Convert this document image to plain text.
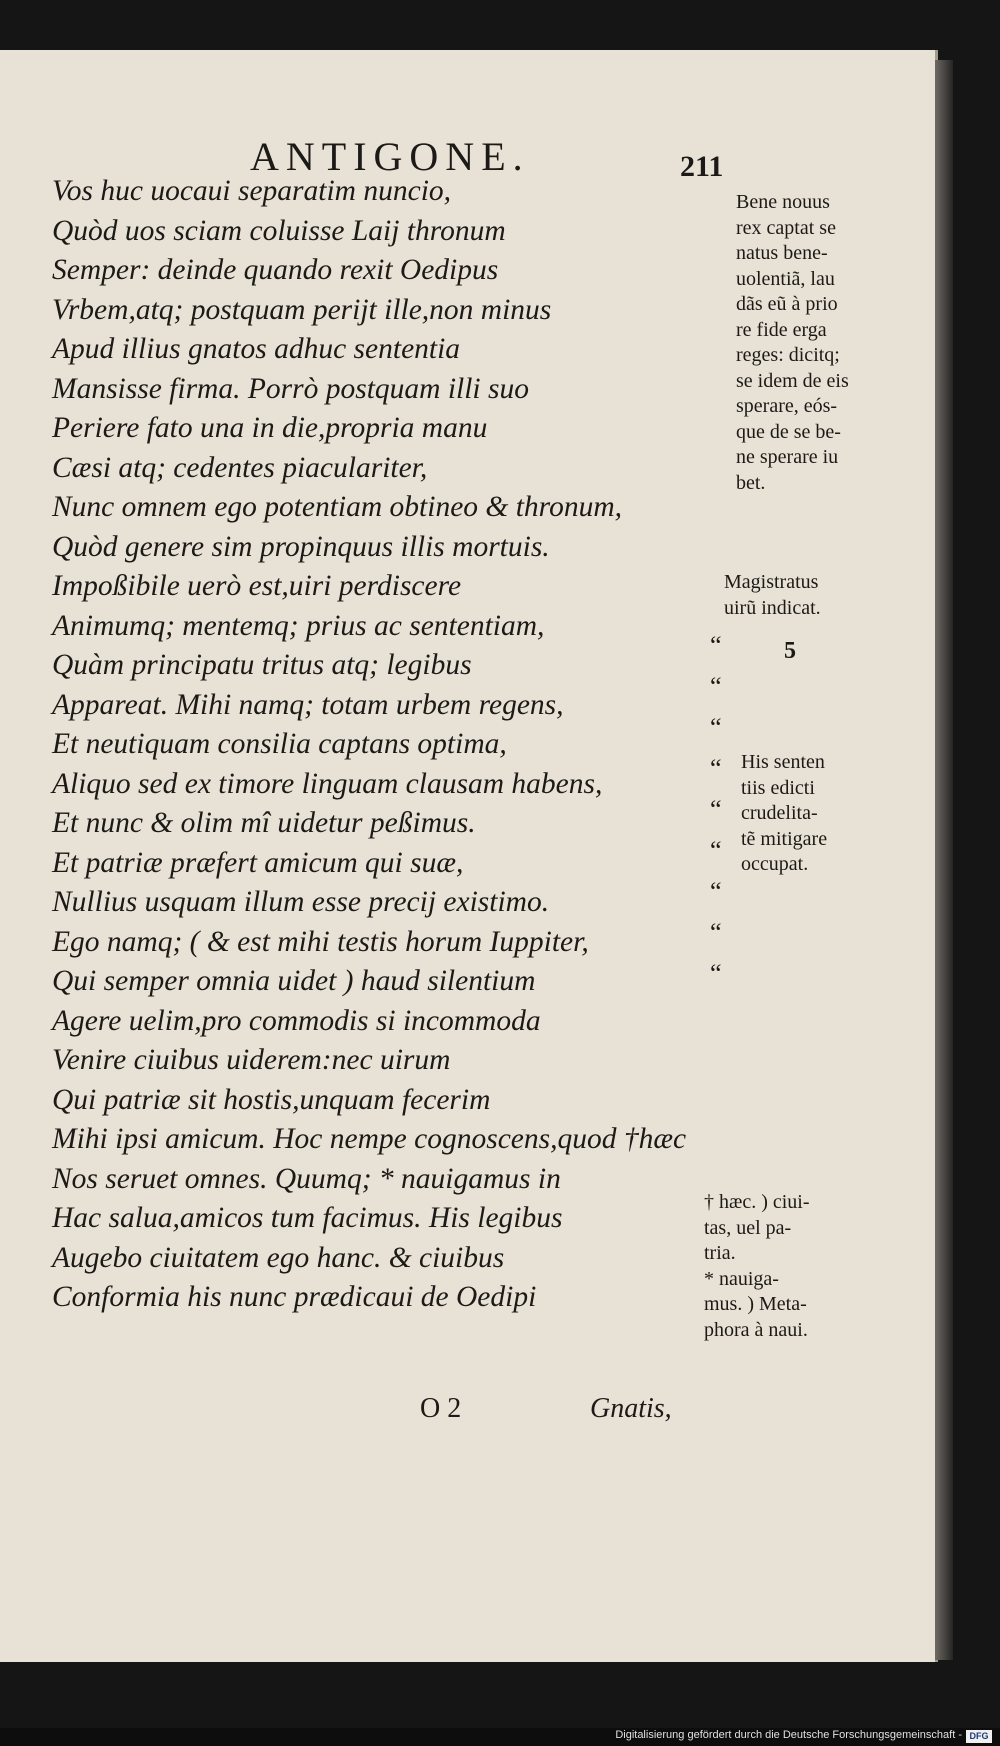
ANTIGONE.	211
Vos huc uocaui separatim nuncio,
Quòd uos sciam coluisse Laij thronum
Semper: deinde quando rexit Oedipus
Vrbem,atq; postquam perijt ille,non minus
Apud illius gnatos adhuc sententia
Mansisse firma. Porrò postquam illi suo
Periere fato una in die,propria manu
Cæsi atq; cedentes piaculariter,
Nunc omnem ego potentiam obtineo & thronum,
Quòd genere sim propinquus illis mortuis.
Impoßibile uerò est,uiri perdiscere
Animumq; mentemq; prius ac sententiam,
Quàm principatu tritus atq; legibus
Appareat. Mihi namq; totam urbem regens,
Et neutiquam consilia captans optima,
Aliquo sed ex timore linguam clausam habens,
Et nunc & olim mî uidetur peßimus.
Et patriæ præfert amicum qui suæ,
Nullius usquam illum esse precij existimo.
Ego namq; ( & est mihi testis horum Iuppiter,
Qui semper omnia uidet ) haud silentium
Agere uelim,pro commodis si incommoda
Venire ciuibus uiderem:nec uirum
Qui patriæ sit hostis,unquam fecerim
Mihi ipsi amicum. Hoc nempe cognoscens,quod †hæc
Nos seruet omnes. Quumq; * nauigamus in
Hac salua,amicos tum facimus. His legibus
Augebo ciuitatem ego hanc. & ciuibus
Conformia his nunc prædicaui de Oedipi
Bene nouus
rex captat se
natus bene-
uolentiã, lau
dãs eũ à prio
re fide erga
reges: dicitq;
se idem de eis
sperare, eós-
que de se be-
ne sperare iu
bet.
Magistratus
uirũ indicat.
5
His senten
tiis edicti
crudelita-
tẽ mitigare
occupat.
† hæc. ) ciui-
tas, uel pa-
tria.
* nauiga-
mus. ) Meta-
phora à naui.
“
“
“
“
“
“
“
“
“
O 2	Gnatis,
Digitalisierung gefördert durch die Deutsche Forschungsgemeinschaft - DFG
